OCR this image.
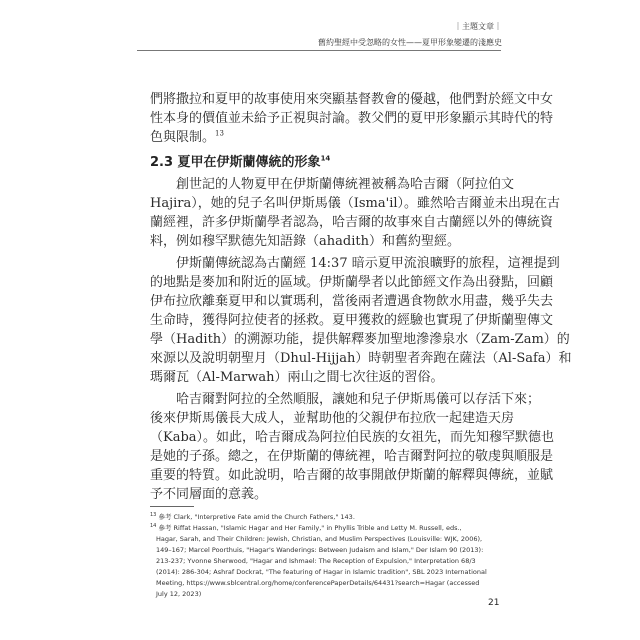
｜主題文章｜
舊約聖經中受忽略的女性——夏甲形象變遷的淺應史
們將撒拉和夏甲的故事使用來突顯基督教會的優越，他們對於經文中女
性本身的價值並未給予正視與討論。教父們的夏甲形象顯示其時代的特
色與限制。$^{13}$
2.3 夏甲在伊斯蘭傳統的形象$^{14}$
創世記的人物夏甲在伊斯蘭傳統裡被稱為哈吉爾（阿拉伯文
Hajira），她的兒子名叫伊斯馬儀（Isma'il）。雖然哈吉爾並未出現在古
蘭經裡，許多伊斯蘭學者認為，哈吉爾的故事來自古蘭經以外的傳統資
料，例如穆罕默德先知語錄（ahadith）和舊約聖經。
伊斯蘭傳統認為古蘭經 14:37 暗示夏甲流浪曠野的旅程，這裡提到
的地點是麥加和附近的區域。伊斯蘭學者以此節經文作為出發點，回顧
伊布拉欣離棄夏甲和以實瑪利，當後兩者遭遇食物飲水用盡，幾乎失去
生命時，獲得阿拉使者的拯救。夏甲獲救的經驗也實現了伊斯蘭聖傳文
學（Hadith）的溯源功能，提供解釋麥加聖地滲滲泉水（Zam-Zam）的
來源以及說明朝聖月（Dhul-Hijjah）時朝聖者奔跑在薩法（Al-Safa）和
瑪爾瓦（Al-Marwah）兩山之間七次往返的習俗。
哈吉爾對阿拉的全然順服，讓她和兒子伊斯馬儀可以存活下來；
後來伊斯馬儀長大成人，並幫助他的父親伊布拉欣一起建造天房
（Kaba）。如此，哈吉爾成為阿拉伯民族的女祖先，而先知穆罕默德也
是她的子孫。總之，在伊斯蘭的傳統裡，哈吉爾對阿拉的敬虔與順服是
重要的特質。如此說明，哈吉爾的故事開啟伊斯蘭的解釋與傳統，並賦
予不同層面的意義。
$^{13}$ 參考 Clark, "Interpretive Fate amid the Church Fathers," 143.
$^{14}$ 參考 Riffat Hassan, "Islamic Hagar and Her Family," in Phyllis Trible and Letty M. Russell, eds.,
Hagar, Sarah, and Their Children: Jewish, Christian, and Muslim Perspectives (Louisville: WJK, 2006),
149–167; Marcel Poorthuis, "Hagar's Wanderings: Between Judaism and Islam," Der Islam 90 (2013):
213-237; Yvonne Sherwood, "Hagar and Ishmael: The Reception of Expulsion," Interpretation 68/3
(2014): 286-304; Ashraf Dockrat, "The featuring of Hagar in Islamic tradition", SBL 2023 International
Meeting, https://www.sblcentral.org/home/conferencePaperDetails/64431?search=Hagar (accessed
July 12, 2023)
21
